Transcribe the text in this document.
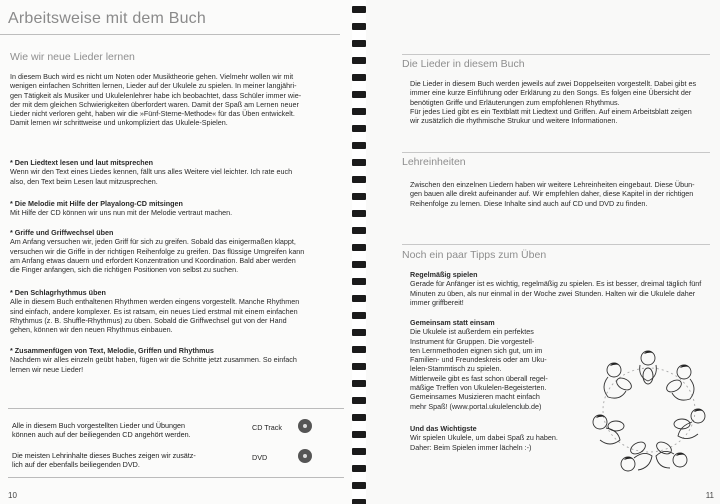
Arbeitsweise mit dem Buch
Wie wir neue Lieder lernen
In diesem Buch wird es nicht um Noten oder Musiktheorie gehen. Vielmehr wollen wir mit
wenigen einfachen Schritten lernen, Lieder auf der Ukulele zu spielen. In meiner langjähri-
gen Tätigkeit als Musiker und Ukulelenlehrer habe ich beobachtet, dass Schüler immer wie-
der mit dem gleichen Schwierigkeiten überfordert waren. Damit der Spaß am Lernen neuer
Lieder nicht verloren geht, haben wir die »Fünf-Sterne-Methode« für das Üben entwickelt.
Damit lernen wir schrittweise und unkompliziert das Ukulele-Spielen.
* Den Liedtext lesen und laut mitsprechen
Wenn wir den Text eines Liedes kennen, fällt uns alles Weitere viel leichter. Ich rate euch
also, den Text beim Lesen laut mitzusprechen.
* Die Melodie mit Hilfe der Playalong-CD mitsingen
Mit Hilfe der CD können wir uns nun mit der Melodie vertraut machen.
* Griffe und Griffwechsel üben
Am Anfang versuchen wir, jeden Griff für sich zu greifen. Sobald das einigermaßen klappt,
versuchen wir die Griffe in der richtigen Reihenfolge zu greifen. Das flüssige Umgreifen kann
am Anfang etwas dauern und erfordert Konzentration und Koordination. Bald aber werden
die Finger anfangen, sich die richtigen Positionen von selbst zu suchen.
* Den Schlagrhythmus üben
Alle in diesem Buch enthaltenen Rhythmen werden eingens vorgestellt. Manche Rhythmen
sind einfach, andere komplexer. Es ist ratsam, ein neues Lied erstmal mit einem einfachen
Rhythmus (z. B. Shuffle-Rhythmus) zu üben. Sobald die Griffwechsel gut von der Hand
gehen, können wir den neuen Rhythmus einbauen.
* Zusammenfügen von Text, Melodie, Griffen und Rhythmus
Nachdem wir alles einzeln geübt haben, fügen wir die Schritte jetzt zusammen. So einfach
lernen wir neue Lieder!
Alle in diesem Buch vorgestellten Lieder und Übungen
können auch auf der beiliegenden CD angehört werden.
CD Track
Die meisten Lehrinhalte dieses Buches zeigen wir zusätz-
lich auf der ebenfalls beiliegenden DVD.
DVD
10
Die Lieder in diesem Buch
Die Lieder in diesem Buch werden jeweils auf zwei Doppelseiten vorgestellt. Dabei gibt es
immer eine kurze Einführung oder Erklärung zu den Songs. Es folgen eine Übersicht der
benötigten Griffe und Erläuterungen zum empfohlenen Rhythmus.
Für jedes Lied gibt es ein Textblatt mit Liedtext und Griffen. Auf einem Arbeitsblatt zeigen
wir zusätzlich die rhythmische Strukur und weitere Informationen.
Lehreinheiten
Zwischen den einzelnen Liedern haben wir weitere Lehreinheiten eingebaut. Diese Übun-
gen bauen alle direkt aufeinander auf. Wir empfehlen daher, diese Kapitel in der richtigen
Reihenfolge zu lernen. Diese Inhalte sind auch auf CD und DVD zu finden.
Noch ein paar Tipps zum Üben
Regelmäßig spielen
Gerade für Anfänger ist es wichtig, regelmäßig zu spielen. Es ist besser, dreimal täglich fünf
Minuten zu üben, als nur einmal in der Woche zwei Stunden. Halten wir die Ukulele daher
immer griffbereit!
Gemeinsam statt einsam
Die Ukulele ist außerdem ein perfektes
Instrument für Gruppen. Die vorgestell-
ten Lernmethoden eignen sich gut, um im
Familien- und Freundeskreis oder am Uku-
lelen-Stammtisch zu spielen.
Mittlerweile gibt es fast schon überall regel-
mäßige Treffen von Ukulelen-Begeisterten.
Gemeinsames Musizieren macht einfach
mehr Spaß! (www.portal.ukulelenclub.de)
Und das Wichtigste
Wir spielen Ukulele, um dabei Spaß zu haben.
Daher: Beim Spielen immer lächeln :-)
11
